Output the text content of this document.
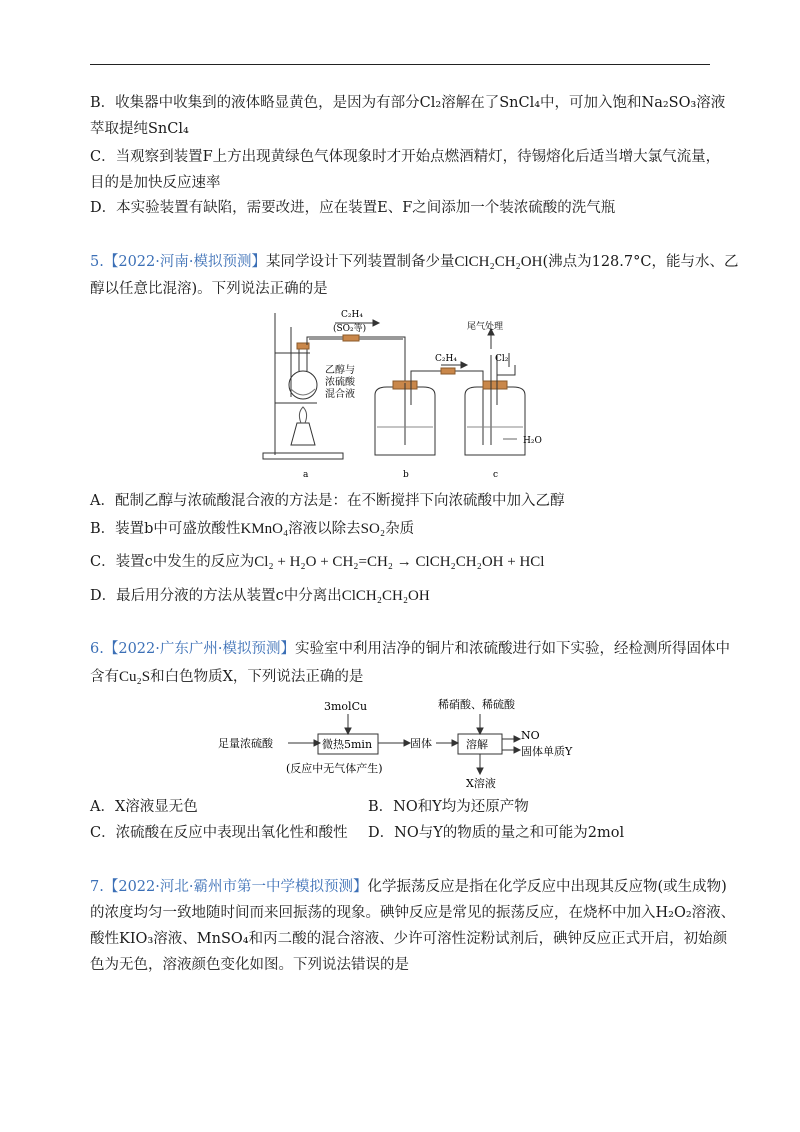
B．收集器中收集到的液体略显黄色，是因为有部分Cl₂溶解在了SnCl₄中，可加入饱和Na₂SO₃溶液
萃取提纯SnCl₄
C．当观察到装置F上方出现黄绿色气体现象时才开始点燃酒精灯，待锡熔化后适当增大氯气流量，
目的是加快反应速率
D．本实验装置有缺陷，需要改进，应在装置E、F之间添加一个装浓硫酸的洗气瓶
5.【2022·河南·模拟预测】某同学设计下列装置制备少量ClCH₂CH₂OH(沸点为128.7°C，能与水、乙
醇以任意比混溶)。下列说法正确的是
C₂H₄
(SO₂等)
乙醇与
浓硫酸
混合液
尾气处理
C₂H₄	Cl₂
H₂O
a	b	c
A．配制乙醇与浓硫酸混合液的方法是：在不断搅拌下向浓硫酸中加入乙醇
B．装置b中可盛放酸性KMnO₄溶液以除去SO₂杂质
C．装置c中发生的反应为Cl₂ + H₂O + CH₂=CH₂ → ClCH₂CH₂OH + HCl
D．最后用分液的方法从装置c中分离出ClCH₂CH₂OH
6.【2022·广东广州·模拟预测】实验室中利用洁净的铜片和浓硫酸进行如下实验，经检测所得固体中
含有Cu₂S和白色物质X，下列说法正确的是
3molCu
足量浓硫酸	微热5min
(反应中无气体产生)
固体
稀硝酸、稀硫酸
溶解
NO
固体单质Y
X溶液
A．X溶液显无色	B．NO和Y均为还原产物
C．浓硫酸在反应中表现出氧化性和酸性 D．NO与Y的物质的量之和可能为2mol
7.【2022·河北·霸州市第一中学模拟预测】化学振荡反应是指在化学反应中出现其反应物(或生成物)
的浓度均匀一致地随时间而来回振荡的现象。碘钟反应是常见的振荡反应，在烧杯中加入H₂O₂溶液、
酸性KIO₃溶液、MnSO₄和丙二酸的混合溶液、少许可溶性淀粉试剂后，碘钟反应正式开启，初始颜
色为无色，溶液颜色变化如图。下列说法错误的是
